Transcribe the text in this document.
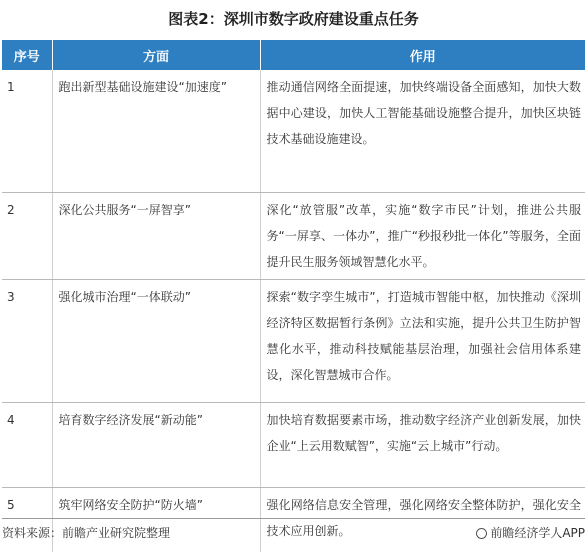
图表2：深圳市数字政府建设重点任务
序号	方面	作用
1	跑出新型基础设施建设“加速度”	推动通信网络全面提速，加快终端设备全面感知，加快大数据中心建设，加快人工智能基础设施整合提升，加快区块链技术基础设施建设。
2	深化公共服务“一屏智享”	深化“放管服”改革，实施“数字市民”计划，推进公共服务“一屏享、一体办”，推广“秒报秒批一体化”等服务，全面提升民生服务领域智慧化水平。
3	强化城市治理“一体联动”	探索“数字孪生城市”，打造城市智能中枢，加快推动《深圳经济特区数据暂行条例》立法和实施，提升公共卫生防护智慧化水平，推动科技赋能基层治理，加强社会信用体系建设，深化智慧城市合作。
4	培育数字经济发展“新动能”	加快培育数据要素市场，推动数字经济产业创新发展，加快企业“上云用数赋智”，实施“云上城市”行动。
5	筑牢网络安全防护“防火墙”	强化网络信息安全管理，强化网络安全整体防护，强化安全技术应用创新。
资料来源：前瞻产业研究院整理	前瞻经济学人APP
